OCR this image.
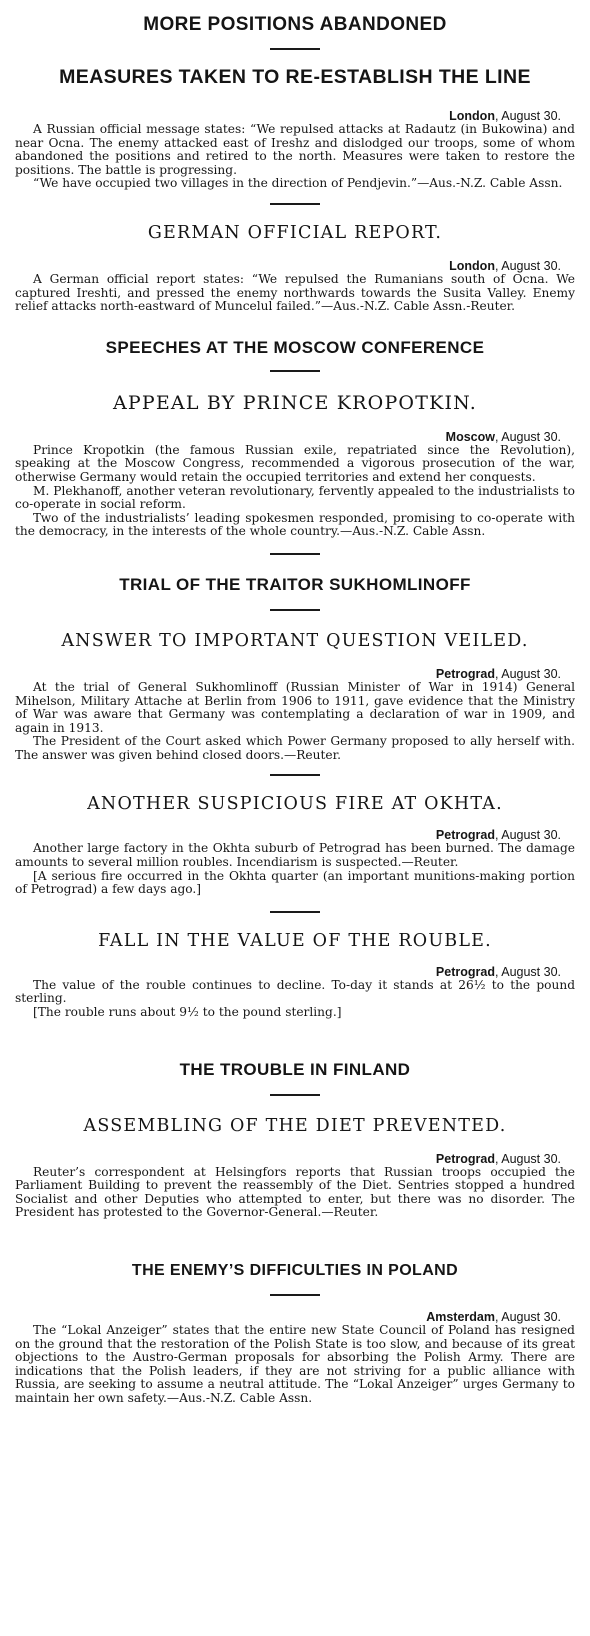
MORE POSITIONS ABANDONED
MEASURES TAKEN TO RE-ESTABLISH THE LINE

London, August 30.

A Russian official message states: “We repulsed attacks at Radautz (in Bukowina) and near Ocna. The enemy attacked east of Ireshz and dislodged our troops, some of whom abandoned the positions and retired to the north. Measures were taken to restore the positions. The battle is progressing.

“We have occupied two villages in the direction of Pendjevin.”—Aus.-N.Z. Cable Assn.

GERMAN OFFICIAL REPORT.

London, August 30.

A German official report states: “We repulsed the Rumanians south of Ocna. We captured Ireshti, and pressed the enemy northwards towards the Susita Valley. Enemy relief attacks north-eastward of Muncelul failed.”—Aus.-N.Z. Cable Assn.-Reuter.

SPEECHES AT THE MOSCOW CONFERENCE
APPEAL BY PRINCE KROPOTKIN.

Moscow, August 30.

Prince Kropotkin (the famous Russian exile, repatriated since the Revolution), speaking at the Moscow Congress, recommended a vigorous prosecution of the war, otherwise Germany would retain the occupied territories and extend her conquests.

M. Plekhanoff, another veteran revolutionary, fervently appealed to the industrialists to co-operate in social reform.

Two of the industrialists’ leading spokesmen responded, promising to co-operate with the democracy, in the interests of the whole country.—Aus.-N.Z. Cable Assn.

TRIAL OF THE TRAITOR SUKHOMLINOFF
ANSWER TO IMPORTANT QUESTION VEILED.

Petrograd, August 30.

At the trial of General Sukhomlinoff (Russian Minister of War in 1914) General Mihelson, Military Attache at Berlin from 1906 to 1911, gave evidence that the Ministry of War was aware that Germany was contemplating a declaration of war in 1909, and again in 1913.

The President of the Court asked which Power Germany proposed to ally herself with. The answer was given behind closed doors.—Reuter.

ANOTHER SUSPICIOUS FIRE AT OKHTA.

Petrograd, August 30.

Another large factory in the Okhta suburb of Petrograd has been burned. The damage amounts to several million roubles. Incendiarism is suspected.—Reuter.

[A serious fire occurred in the Okhta quarter (an important munitions-making portion of Petrograd) a few days ago.]

FALL IN THE VALUE OF THE ROUBLE.

Petrograd, August 30.

The value of the rouble continues to decline. To-day it stands at 26½ to the pound sterling.

[The rouble runs about 9½ to the pound sterling.]

THE TROUBLE IN FINLAND
ASSEMBLING OF THE DIET PREVENTED.

Petrograd, August 30.

Reuter’s correspondent at Helsingfors reports that Russian troops occupied the Parliament Building to prevent the reassembly of the Diet. Sentries stopped a hundred Socialist and other Deputies who attempted to enter, but there was no disorder. The President has protested to the Governor-General.—Reuter.

THE ENEMY’S DIFFICULTIES IN POLAND

Amsterdam, August 30.

The “Lokal Anzeiger” states that the entire new State Council of Poland has resigned on the ground that the restoration of the Polish State is too slow, and because of its great objections to the Austro-German proposals for absorbing the Polish Army. There are indications that the Polish leaders, if they are not striving for a public alliance with Russia, are seeking to assume a neutral attitude. The “Lokal Anzeiger” urges Germany to maintain her own safety.—Aus.-N.Z. Cable Assn.
